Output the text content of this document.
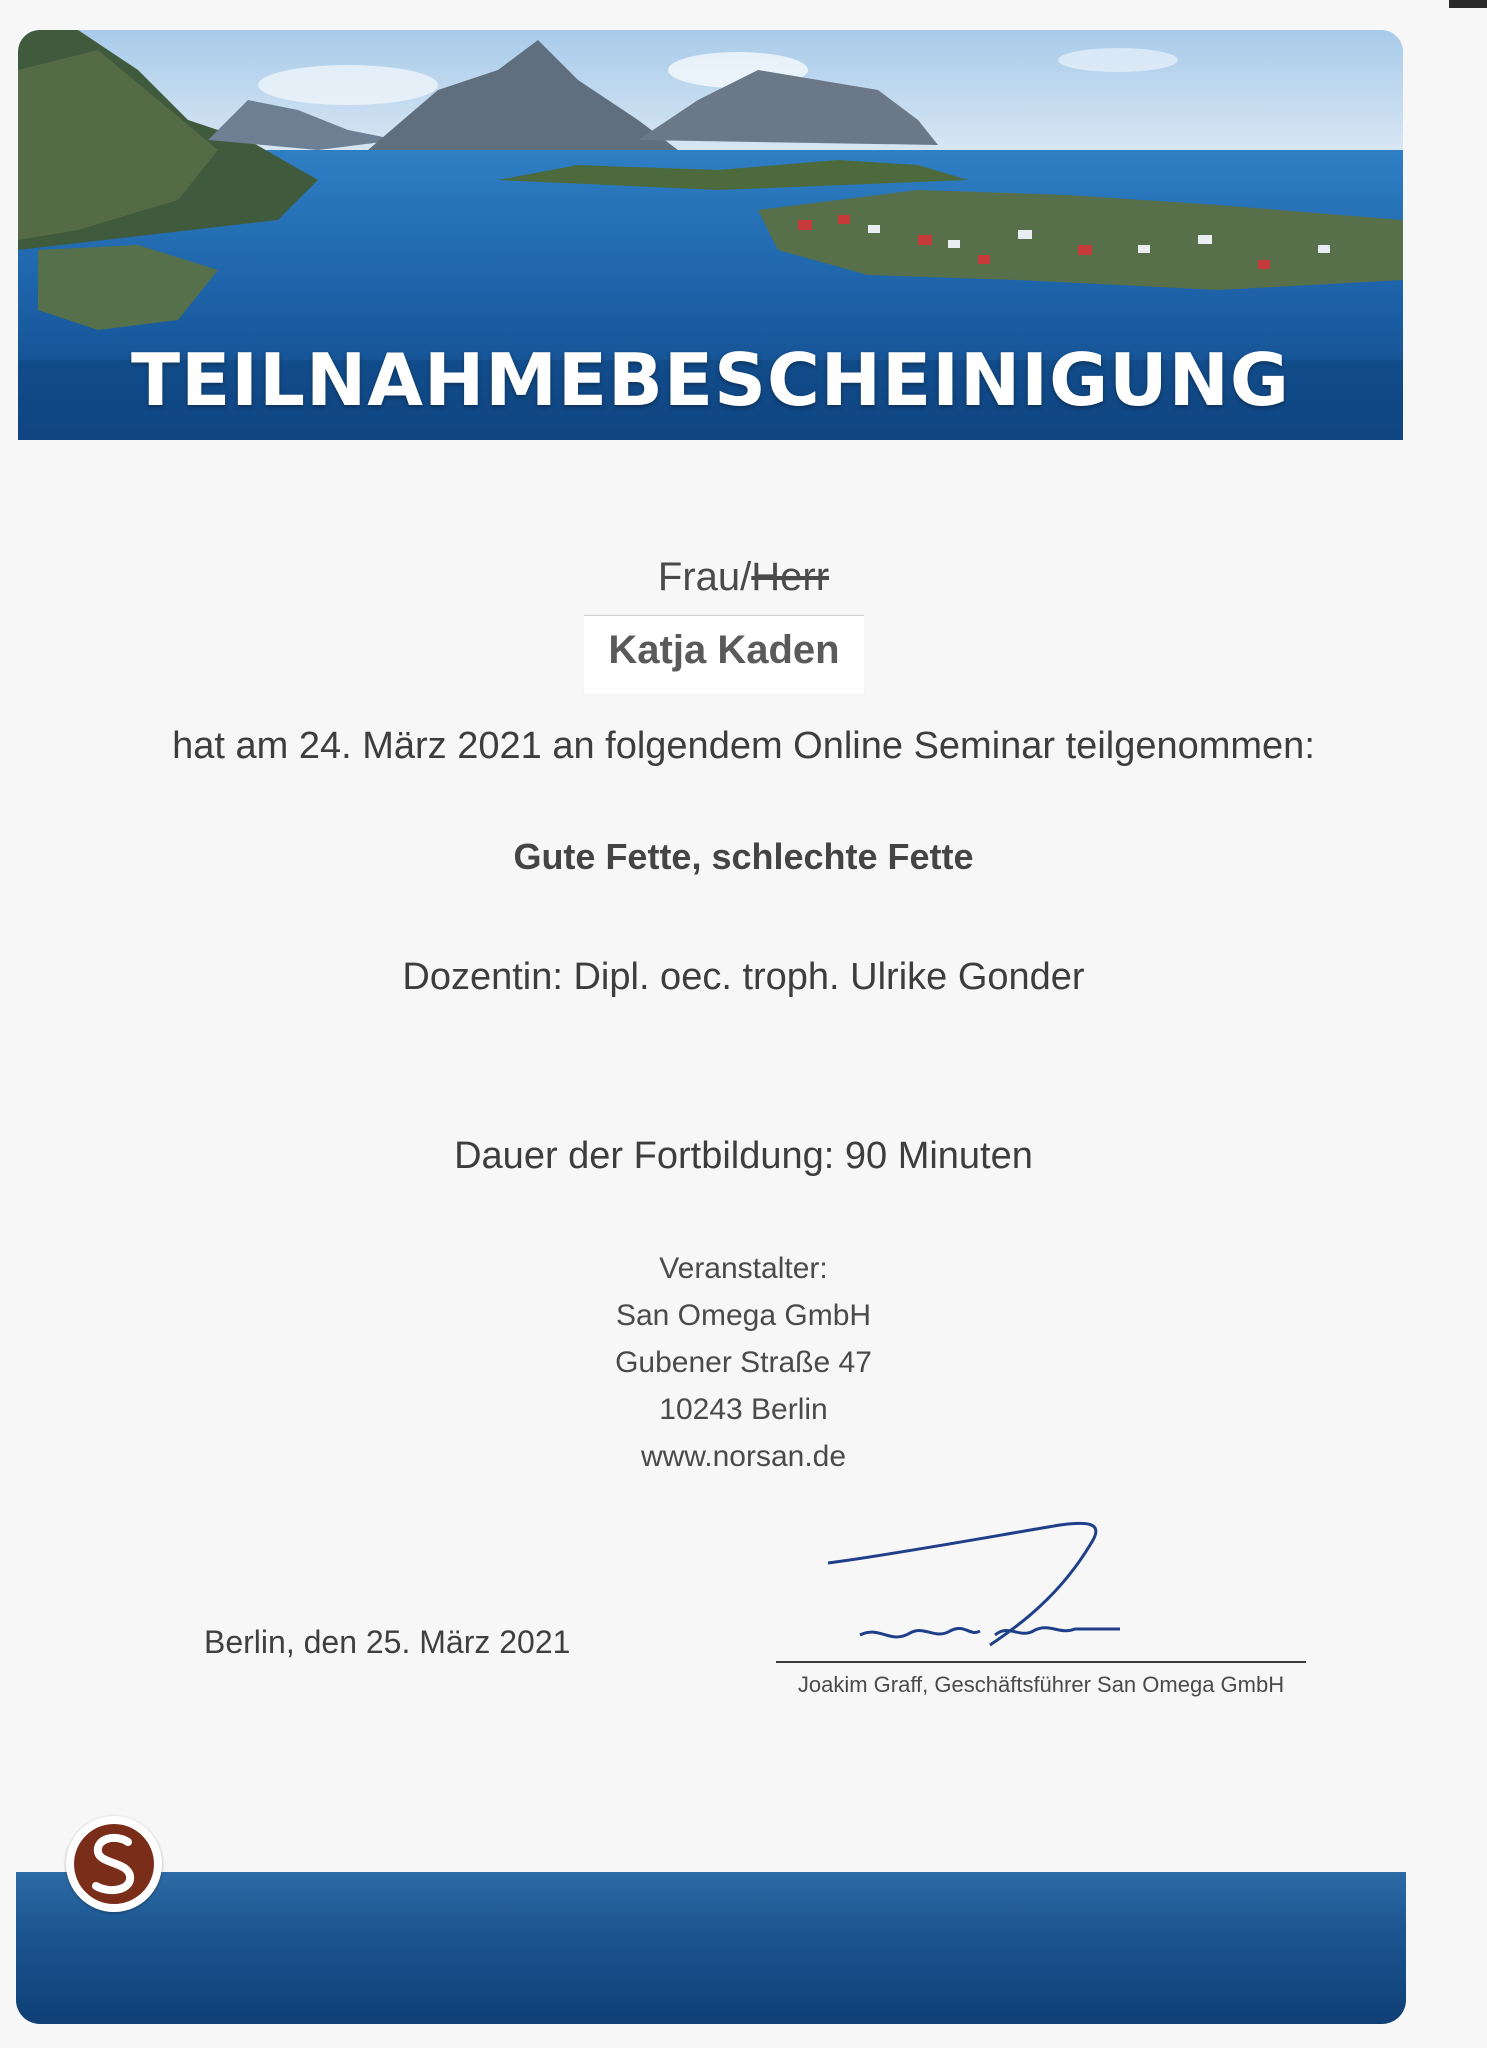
TEILNAHMEBESCHEINIGUNG
Frau/Herr
Katja Kaden
hat am 24. März 2021 an folgendem Online Seminar teilgenommen:
Gute Fette, schlechte Fette
Dozentin: Dipl. oec. troph. Ulrike Gonder
Dauer der Fortbildung: 90 Minuten
Veranstalter:
San Omega GmbH
Gubener Straße 47
10243 Berlin
www.norsan.de
Berlin, den 25. März 2021
Joakim Graff, Geschäftsführer San Omega GmbH
